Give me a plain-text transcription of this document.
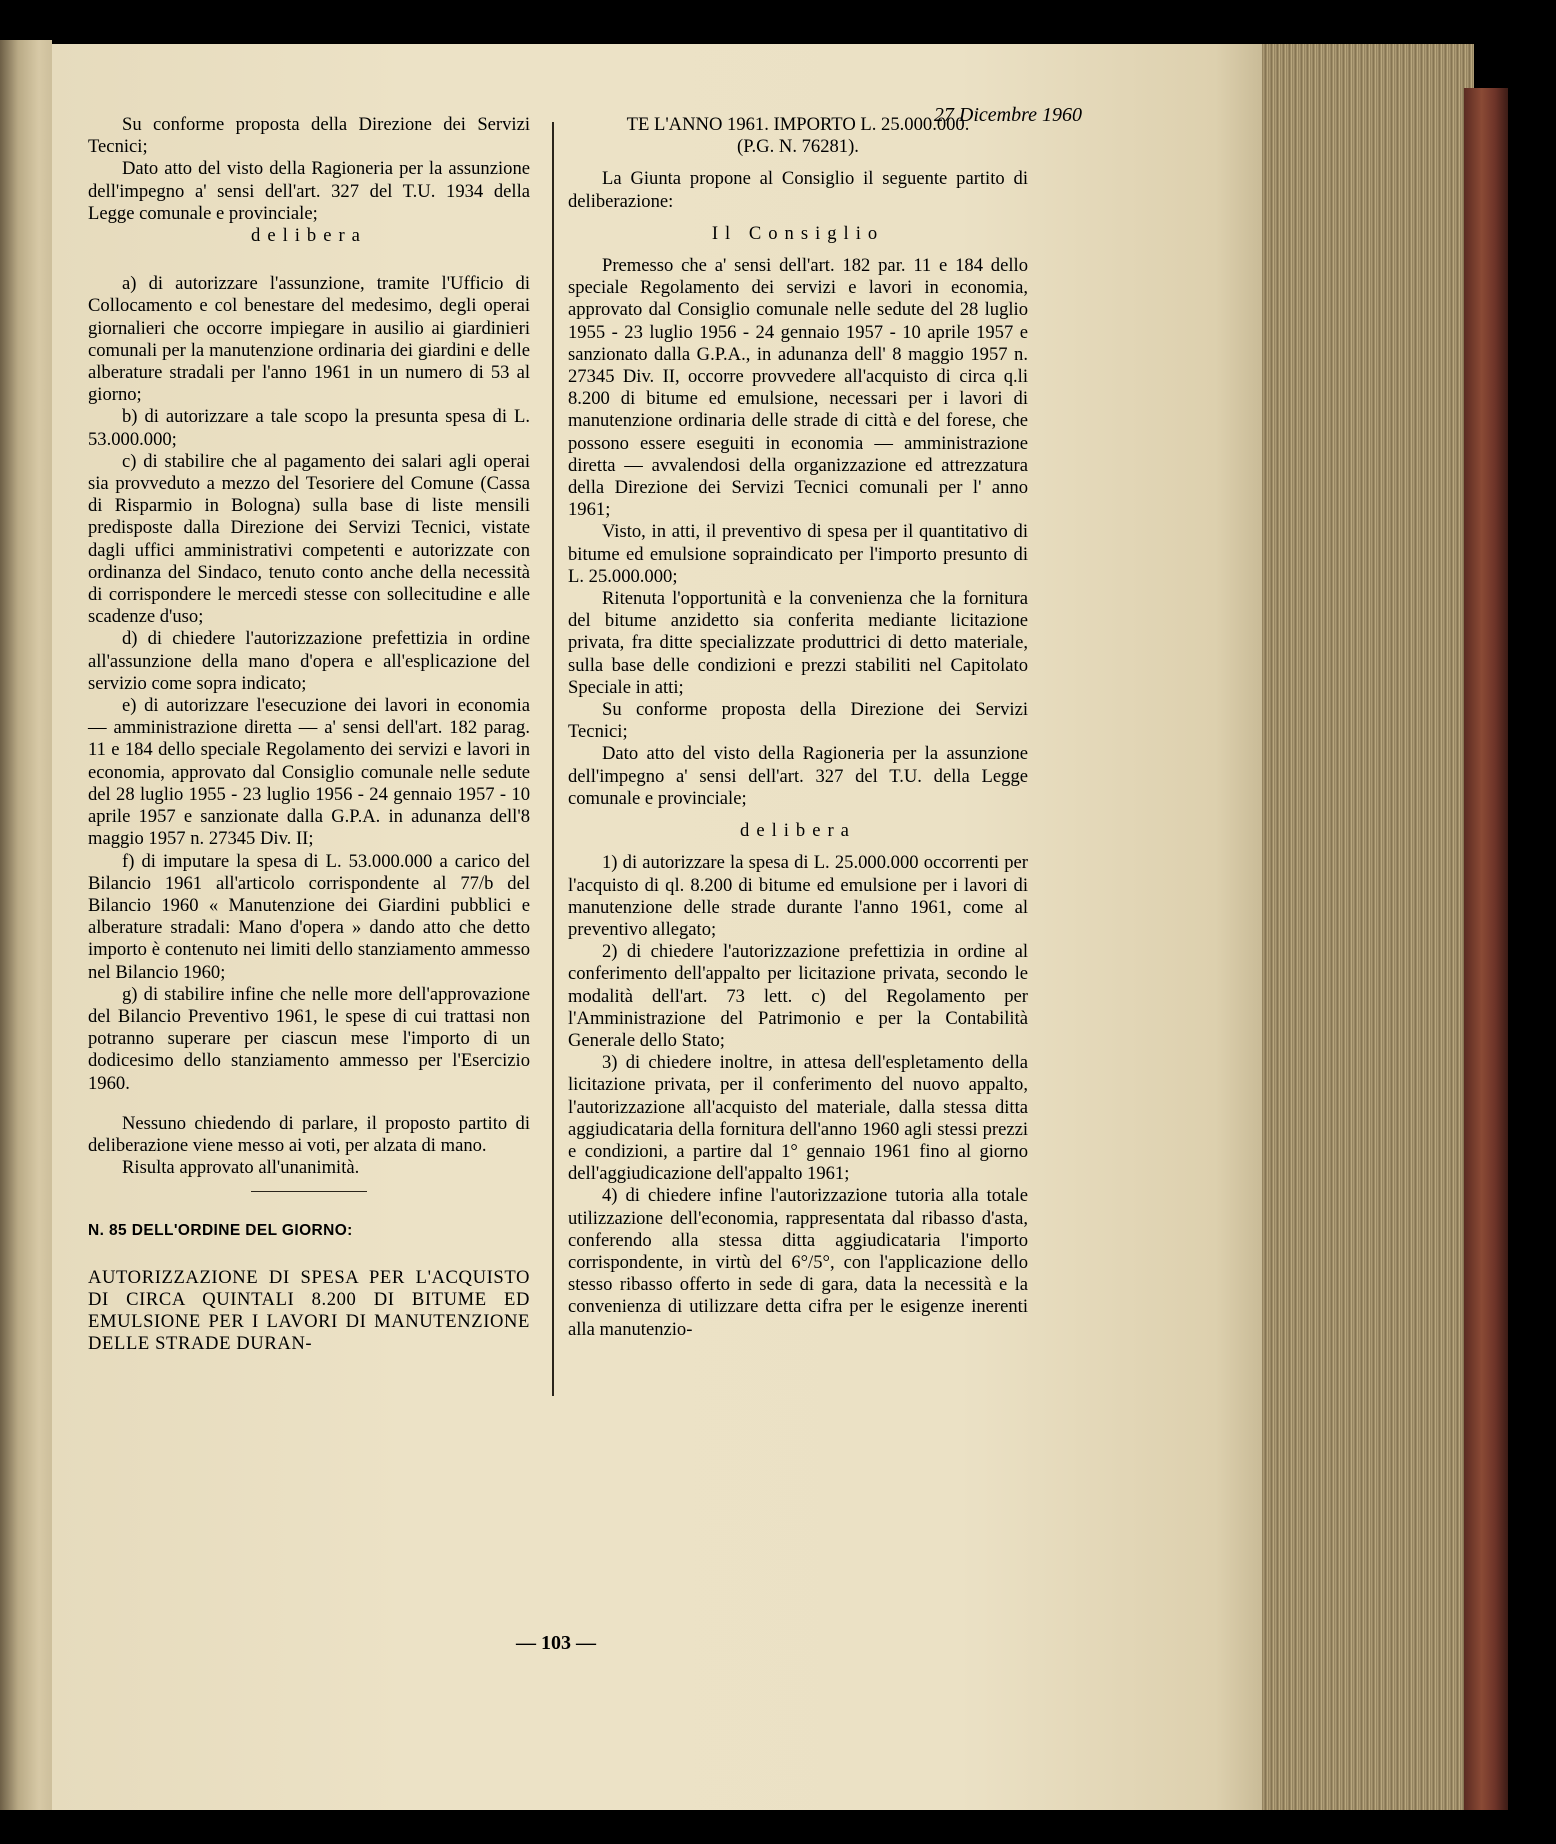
27 Dicembre 1960

Su conforme proposta della Direzione dei Servizi Tecnici;

Dato atto del visto della Ragioneria per la assunzione dell'impegno a' sensi dell'art. 327 del T.U. 1934 della Legge comunale e provinciale;

delibera

a) di autorizzare l'assunzione, tramite l'Ufficio di Collocamento e col benestare del medesimo, degli operai giornalieri che occorre impiegare in ausilio ai giardinieri comunali per la manutenzione ordinaria dei giardini e delle alberature stradali per l'anno 1961 in un numero di 53 al giorno;

b) di autorizzare a tale scopo la presunta spesa di L. 53.000.000;

c) di stabilire che al pagamento dei salari agli operai sia provveduto a mezzo del Tesoriere del Comune (Cassa di Risparmio in Bologna) sulla base di liste mensili predisposte dalla Direzione dei Servizi Tecnici, vistate dagli uffici amministrativi competenti e autorizzate con ordinanza del Sindaco, tenuto conto anche della necessità di corrispondere le mercedi stesse con sollecitudine e alle scadenze d'uso;

d) di chiedere l'autorizzazione prefettizia in ordine all'assunzione della mano d'opera e all'esplicazione del servizio come sopra indicato;

e) di autorizzare l'esecuzione dei lavori in economia — amministrazione diretta — a' sensi dell'art. 182 parag. 11 e 184 dello speciale Regolamento dei servizi e lavori in economia, approvato dal Consiglio comunale nelle sedute del 28 luglio 1955 - 23 luglio 1956 - 24 gennaio 1957 - 10 aprile 1957 e sanzionate dalla G.P.A. in adunanza dell'8 maggio 1957 n. 27345 Div. II;

f) di imputare la spesa di L. 53.000.000 a carico del Bilancio 1961 all'articolo corrispondente al 77/b del Bilancio 1960 « Manutenzione dei Giardini pubblici e alberature stradali: Mano d'opera » dando atto che detto importo è contenuto nei limiti dello stanziamento ammesso nel Bilancio 1960;

g) di stabilire infine che nelle more dell'approvazione del Bilancio Preventivo 1961, le spese di cui trattasi non potranno superare per ciascun mese l'importo di un dodicesimo dello stanziamento ammesso per l'Esercizio 1960.

Nessuno chiedendo di parlare, il proposto partito di deliberazione viene messo ai voti, per alzata di mano.

Risulta approvato all'unanimità.

N. 85 DELL'ORDINE DEL GIORNO:

AUTORIZZAZIONE DI SPESA PER L'ACQUISTO DI CIRCA QUINTALI 8.200 DI BITUME ED EMULSIONE PER I LAVORI DI MANUTENZIONE DELLE STRADE DURAN-

TE L'ANNO 1961. IMPORTO L. 25.000.000.

(P.G. N. 76281).

La Giunta propone al Consiglio il seguente partito di deliberazione:

Il Consiglio

Premesso che a' sensi dell'art. 182 par. 11 e 184 dello speciale Regolamento dei servizi e lavori in economia, approvato dal Consiglio comunale nelle sedute del 28 luglio 1955 - 23 luglio 1956 - 24 gennaio 1957 - 10 aprile 1957 e sanzionato dalla G.P.A., in adunanza dell' 8 maggio 1957 n. 27345 Div. II, occorre provvedere all'acquisto di circa q.li 8.200 di bitume ed emulsione, necessari per i lavori di manutenzione ordinaria delle strade di città e del forese, che possono essere eseguiti in economia — amministrazione diretta — avvalendosi della organizzazione ed attrezzatura della Direzione dei Servizi Tecnici comunali per l' anno 1961;

Visto, in atti, il preventivo di spesa per il quantitativo di bitume ed emulsione sopraindicato per l'importo presunto di L. 25.000.000;

Ritenuta l'opportunità e la convenienza che la fornitura del bitume anzidetto sia conferita mediante licitazione privata, fra ditte specializzate produttrici di detto materiale, sulla base delle condizioni e prezzi stabiliti nel Capitolato Speciale in atti;

Su conforme proposta della Direzione dei Servizi Tecnici;

Dato atto del visto della Ragioneria per la assunzione dell'impegno a' sensi dell'art. 327 del T.U. della Legge comunale e provinciale;

delibera

1) di autorizzare la spesa di L. 25.000.000 occorrenti per l'acquisto di ql. 8.200 di bitume ed emulsione per i lavori di manutenzione delle strade durante l'anno 1961, come al preventivo allegato;

2) di chiedere l'autorizzazione prefettizia in ordine al conferimento dell'appalto per licitazione privata, secondo le modalità dell'art. 73 lett. c) del Regolamento per l'Amministrazione del Patrimonio e per la Contabilità Generale dello Stato;

3) di chiedere inoltre, in attesa dell'espletamento della licitazione privata, per il conferimento del nuovo appalto, l'autorizzazione all'acquisto del materiale, dalla stessa ditta aggiudicataria della fornitura dell'anno 1960 agli stessi prezzi e condizioni, a partire dal 1° gennaio 1961 fino al giorno dell'aggiudicazione dell'appalto 1961;

4) di chiedere infine l'autorizzazione tutoria alla totale utilizzazione dell'economia, rappresentata dal ribasso d'asta, conferendo alla stessa ditta aggiudicataria l'importo corrispondente, in virtù del 6°/5°, con l'applicazione dello stesso ribasso offerto in sede di gara, data la necessità e la convenienza di utilizzare detta cifra per le esigenze inerenti alla manutenzio-

— 103 —
